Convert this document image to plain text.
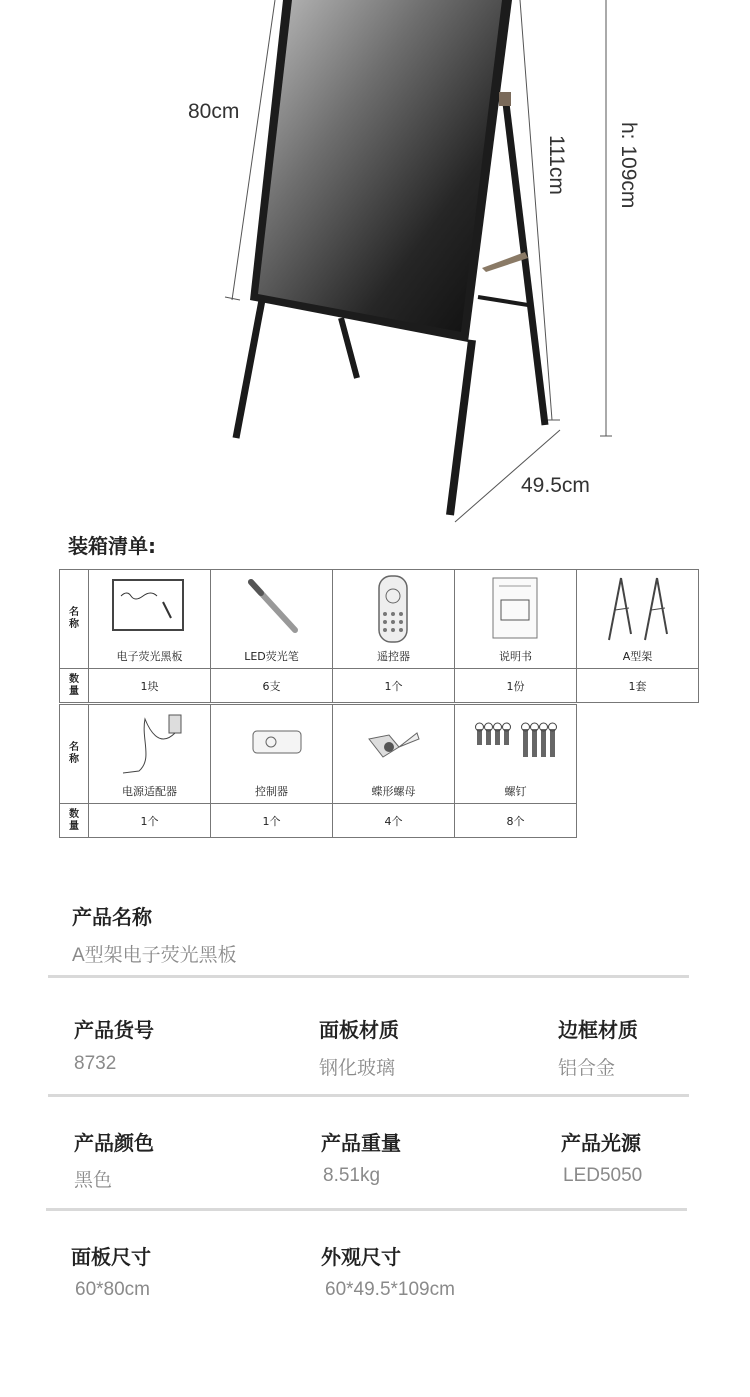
80cm
111cm h: 109cm
49.5cm
装箱清单:
名
称	电子荧光黑板	LED荧光笔	遥控器	说明书	A型架

数
量	1块	6支	1个	1份	1套
名
称	电源适配器	控制器	蝶形螺母	螺钉

数
量	1个	1个	4个	8个
产品名称
A型架电子荧光黑板
产品货号
8732
面板材质
钢化玻璃
边框材质
铝合金
产品颜色
黑色
产品重量
8.51kg
产品光源
LED5050
面板尺寸
60*80cm
外观尺寸
60*49.5*109cm
